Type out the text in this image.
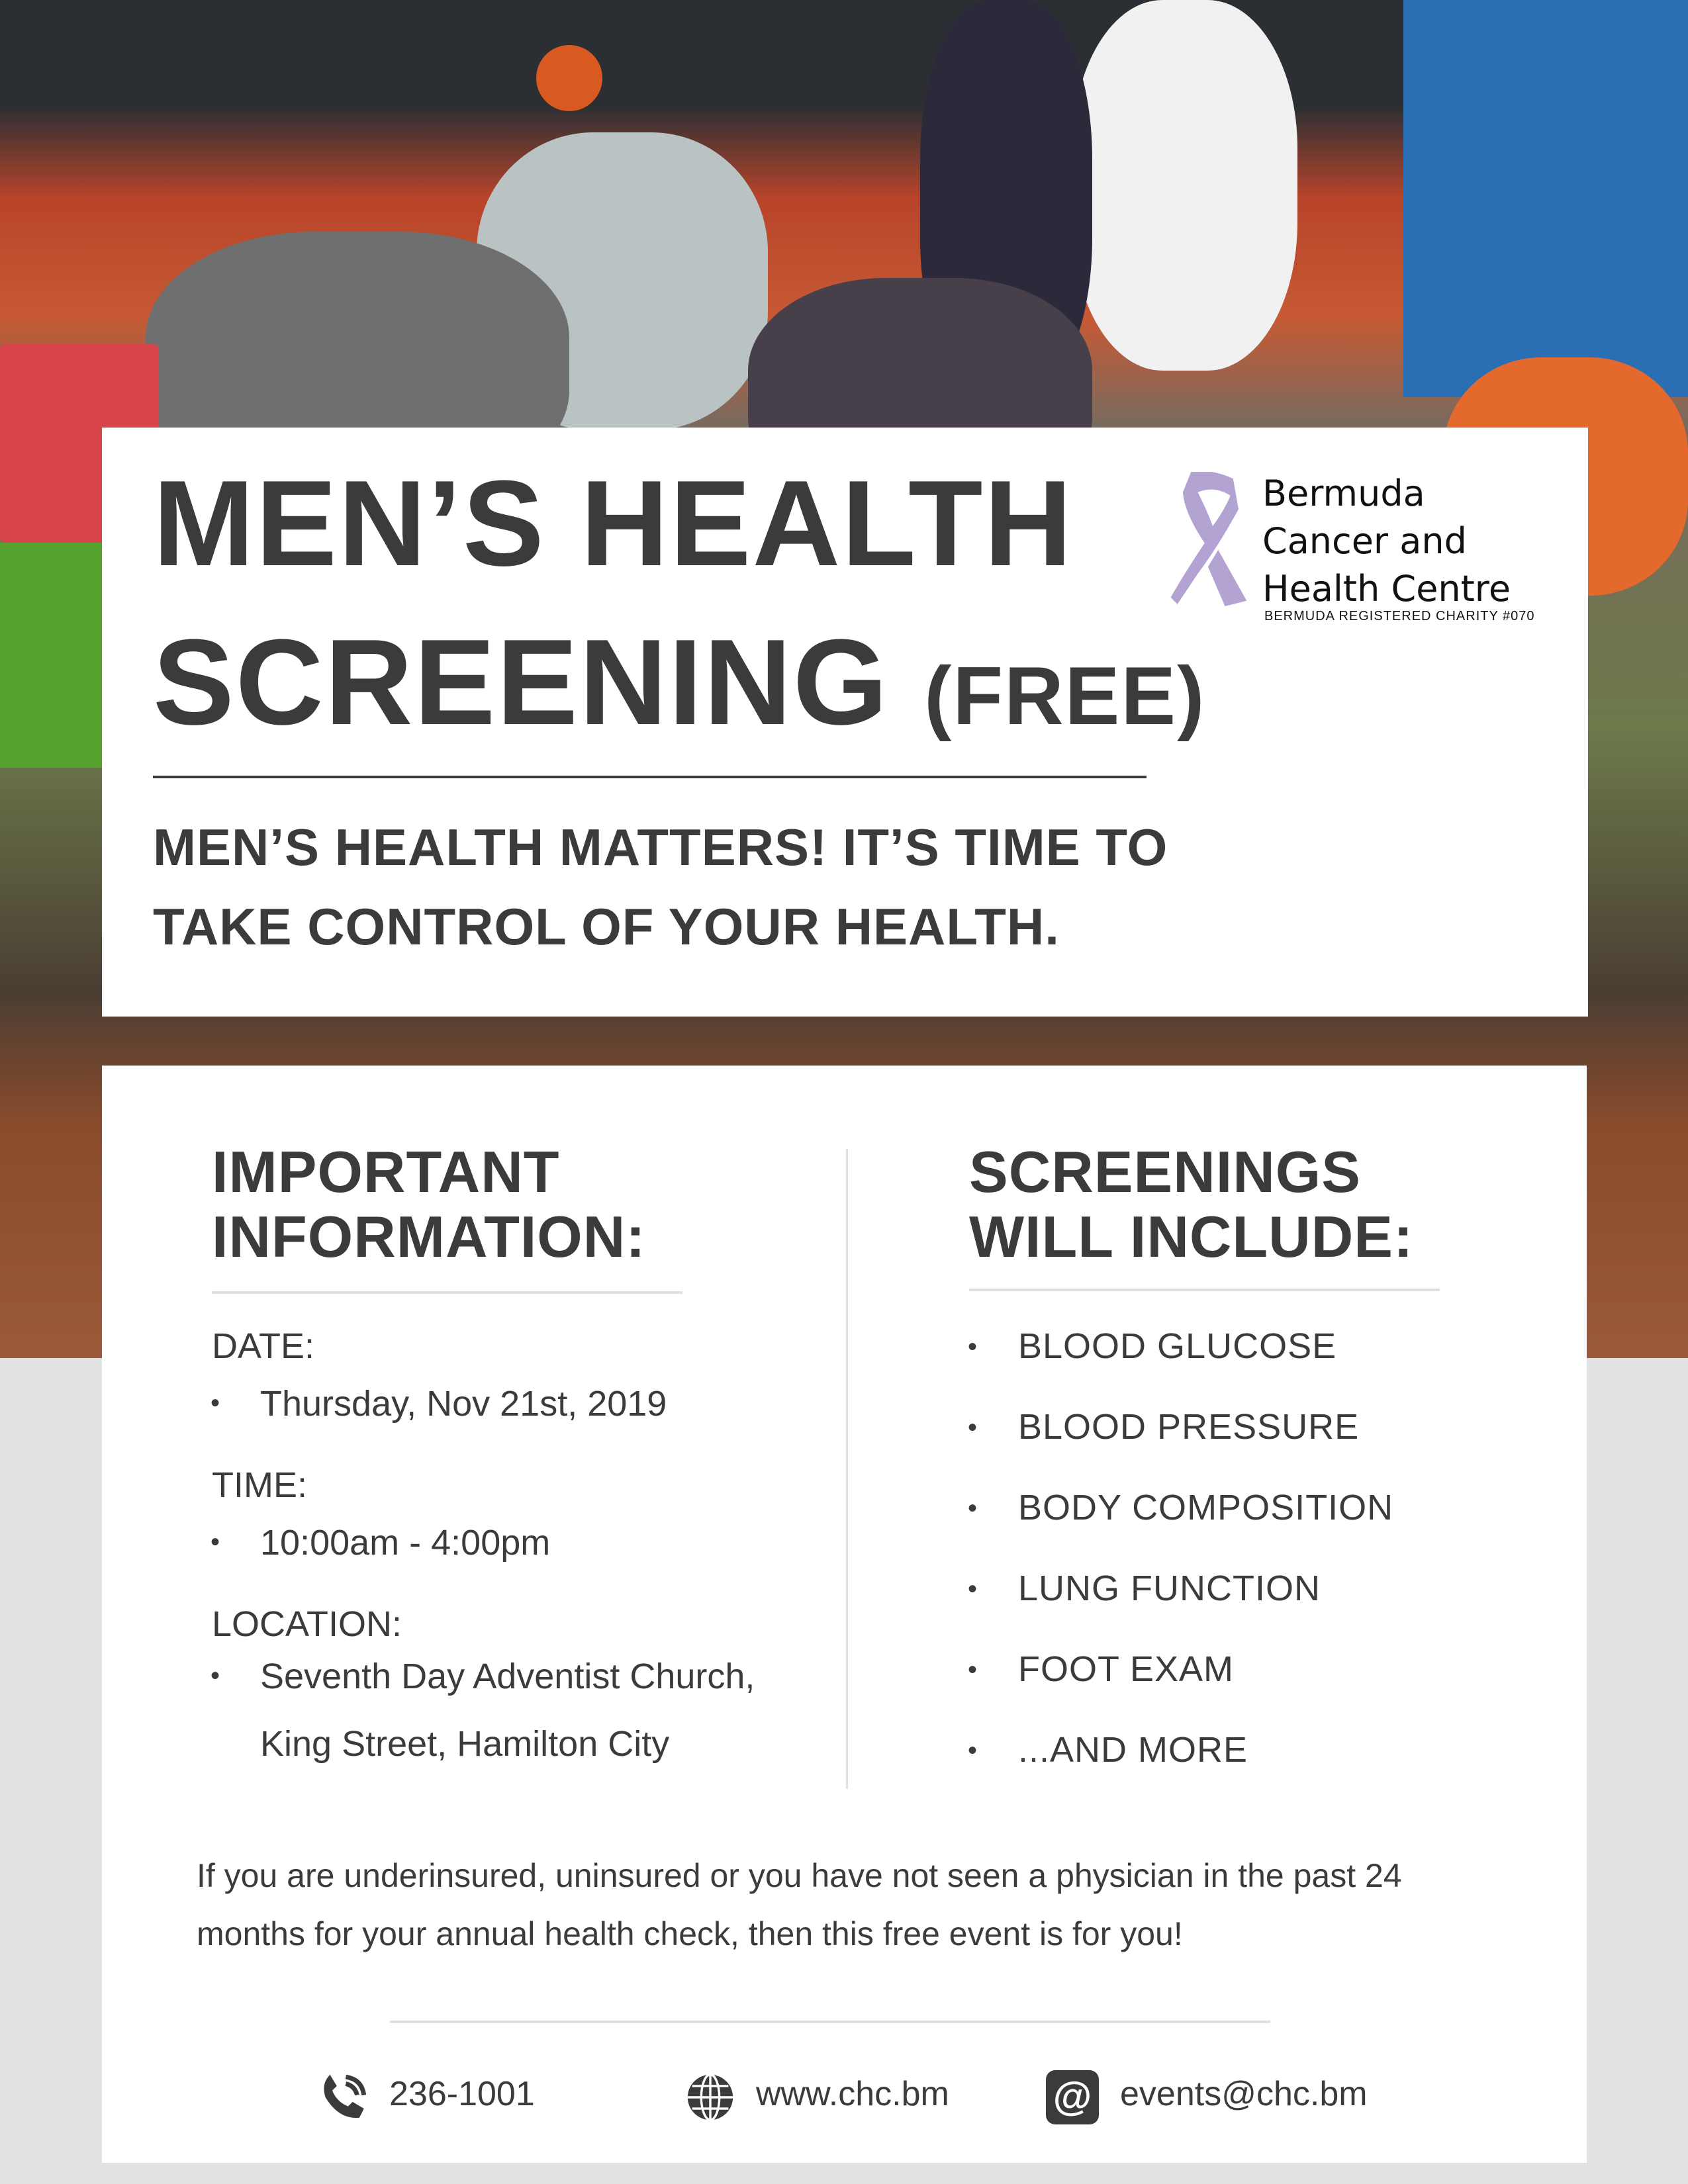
MEN’S HEALTH
SCREENING (FREE)
MEN’S HEALTH MATTERS! IT’S TIME TO
TAKE CONTROL OF YOUR HEALTH.
Bermuda
Cancer and
Health Centre
BERMUDA REGISTERED CHARITY #070
IMPORTANT
INFORMATION:
DATE:
• Thursday, Nov 21st, 2019
TIME:
• 10:00am - 4:00pm
LOCATION:
• Seventh Day Adventist Church,
King Street, Hamilton City
SCREENINGS
WILL INCLUDE:
• BLOOD GLUCOSE
• BLOOD PRESSURE
• BODY COMPOSITION
• LUNG FUNCTION
• FOOT EXAM
• ...AND MORE
If you are underinsured, uninsured or you have not seen a physician in the past 24
months for your annual health check, then this free event is for you!
236-1001	www.chc.bm	@ events@chc.bm
